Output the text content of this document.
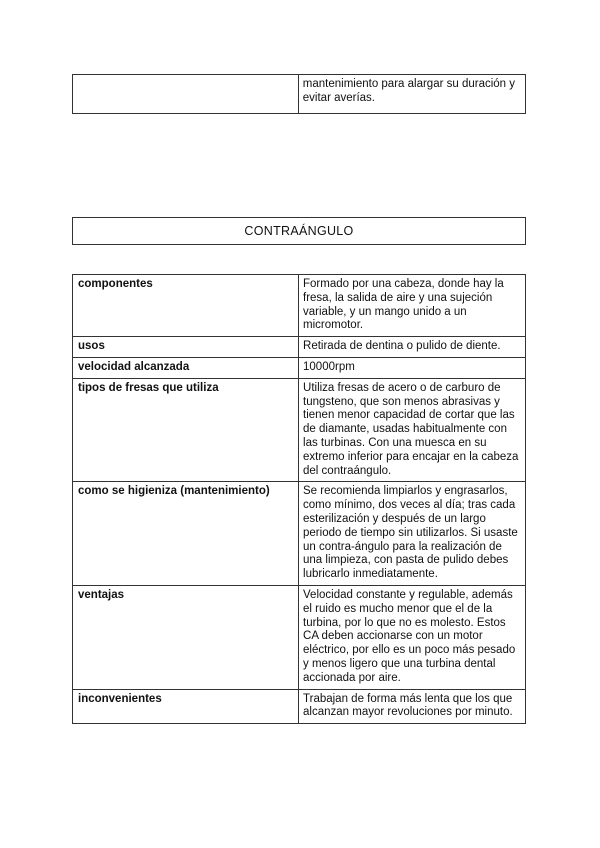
	mantenimiento para alargar su duración y evitar averías.
CONTRAÁNGULO
componentes	Formado por una cabeza, donde hay la fresa, la salida de aire y una sujeción variable, y un mango unido a un micromotor.
usos	Retirada de dentina o pulido de diente.
velocidad alcanzada	10000rpm
tipos de fresas que utiliza	Utiliza fresas de acero o de carburo de tungsteno, que son menos abrasivas y tienen menor capacidad de cortar que las de diamante, usadas habitualmente con las turbinas. Con una muesca en su extremo inferior para encajar en la cabeza del contraángulo.
como se higieniza (mantenimiento)	Se recomienda limpiarlos y engrasarlos, como mínimo, dos veces al día; tras cada esterilización y después de un largo periodo de tiempo sin utilizarlos. Si usaste un contra-ángulo para la realización de una limpieza, con pasta de pulido debes lubricarlo inmediatamente.
ventajas	Velocidad constante y regulable, además el ruido es mucho menor que el de la turbina, por lo que no es molesto. Estos CA deben accionarse con un motor eléctrico, por ello es un poco más pesado y menos ligero que una turbina dental accionada por aire.
inconvenientes	Trabajan de forma más lenta que los que alcanzan mayor revoluciones por minuto.
